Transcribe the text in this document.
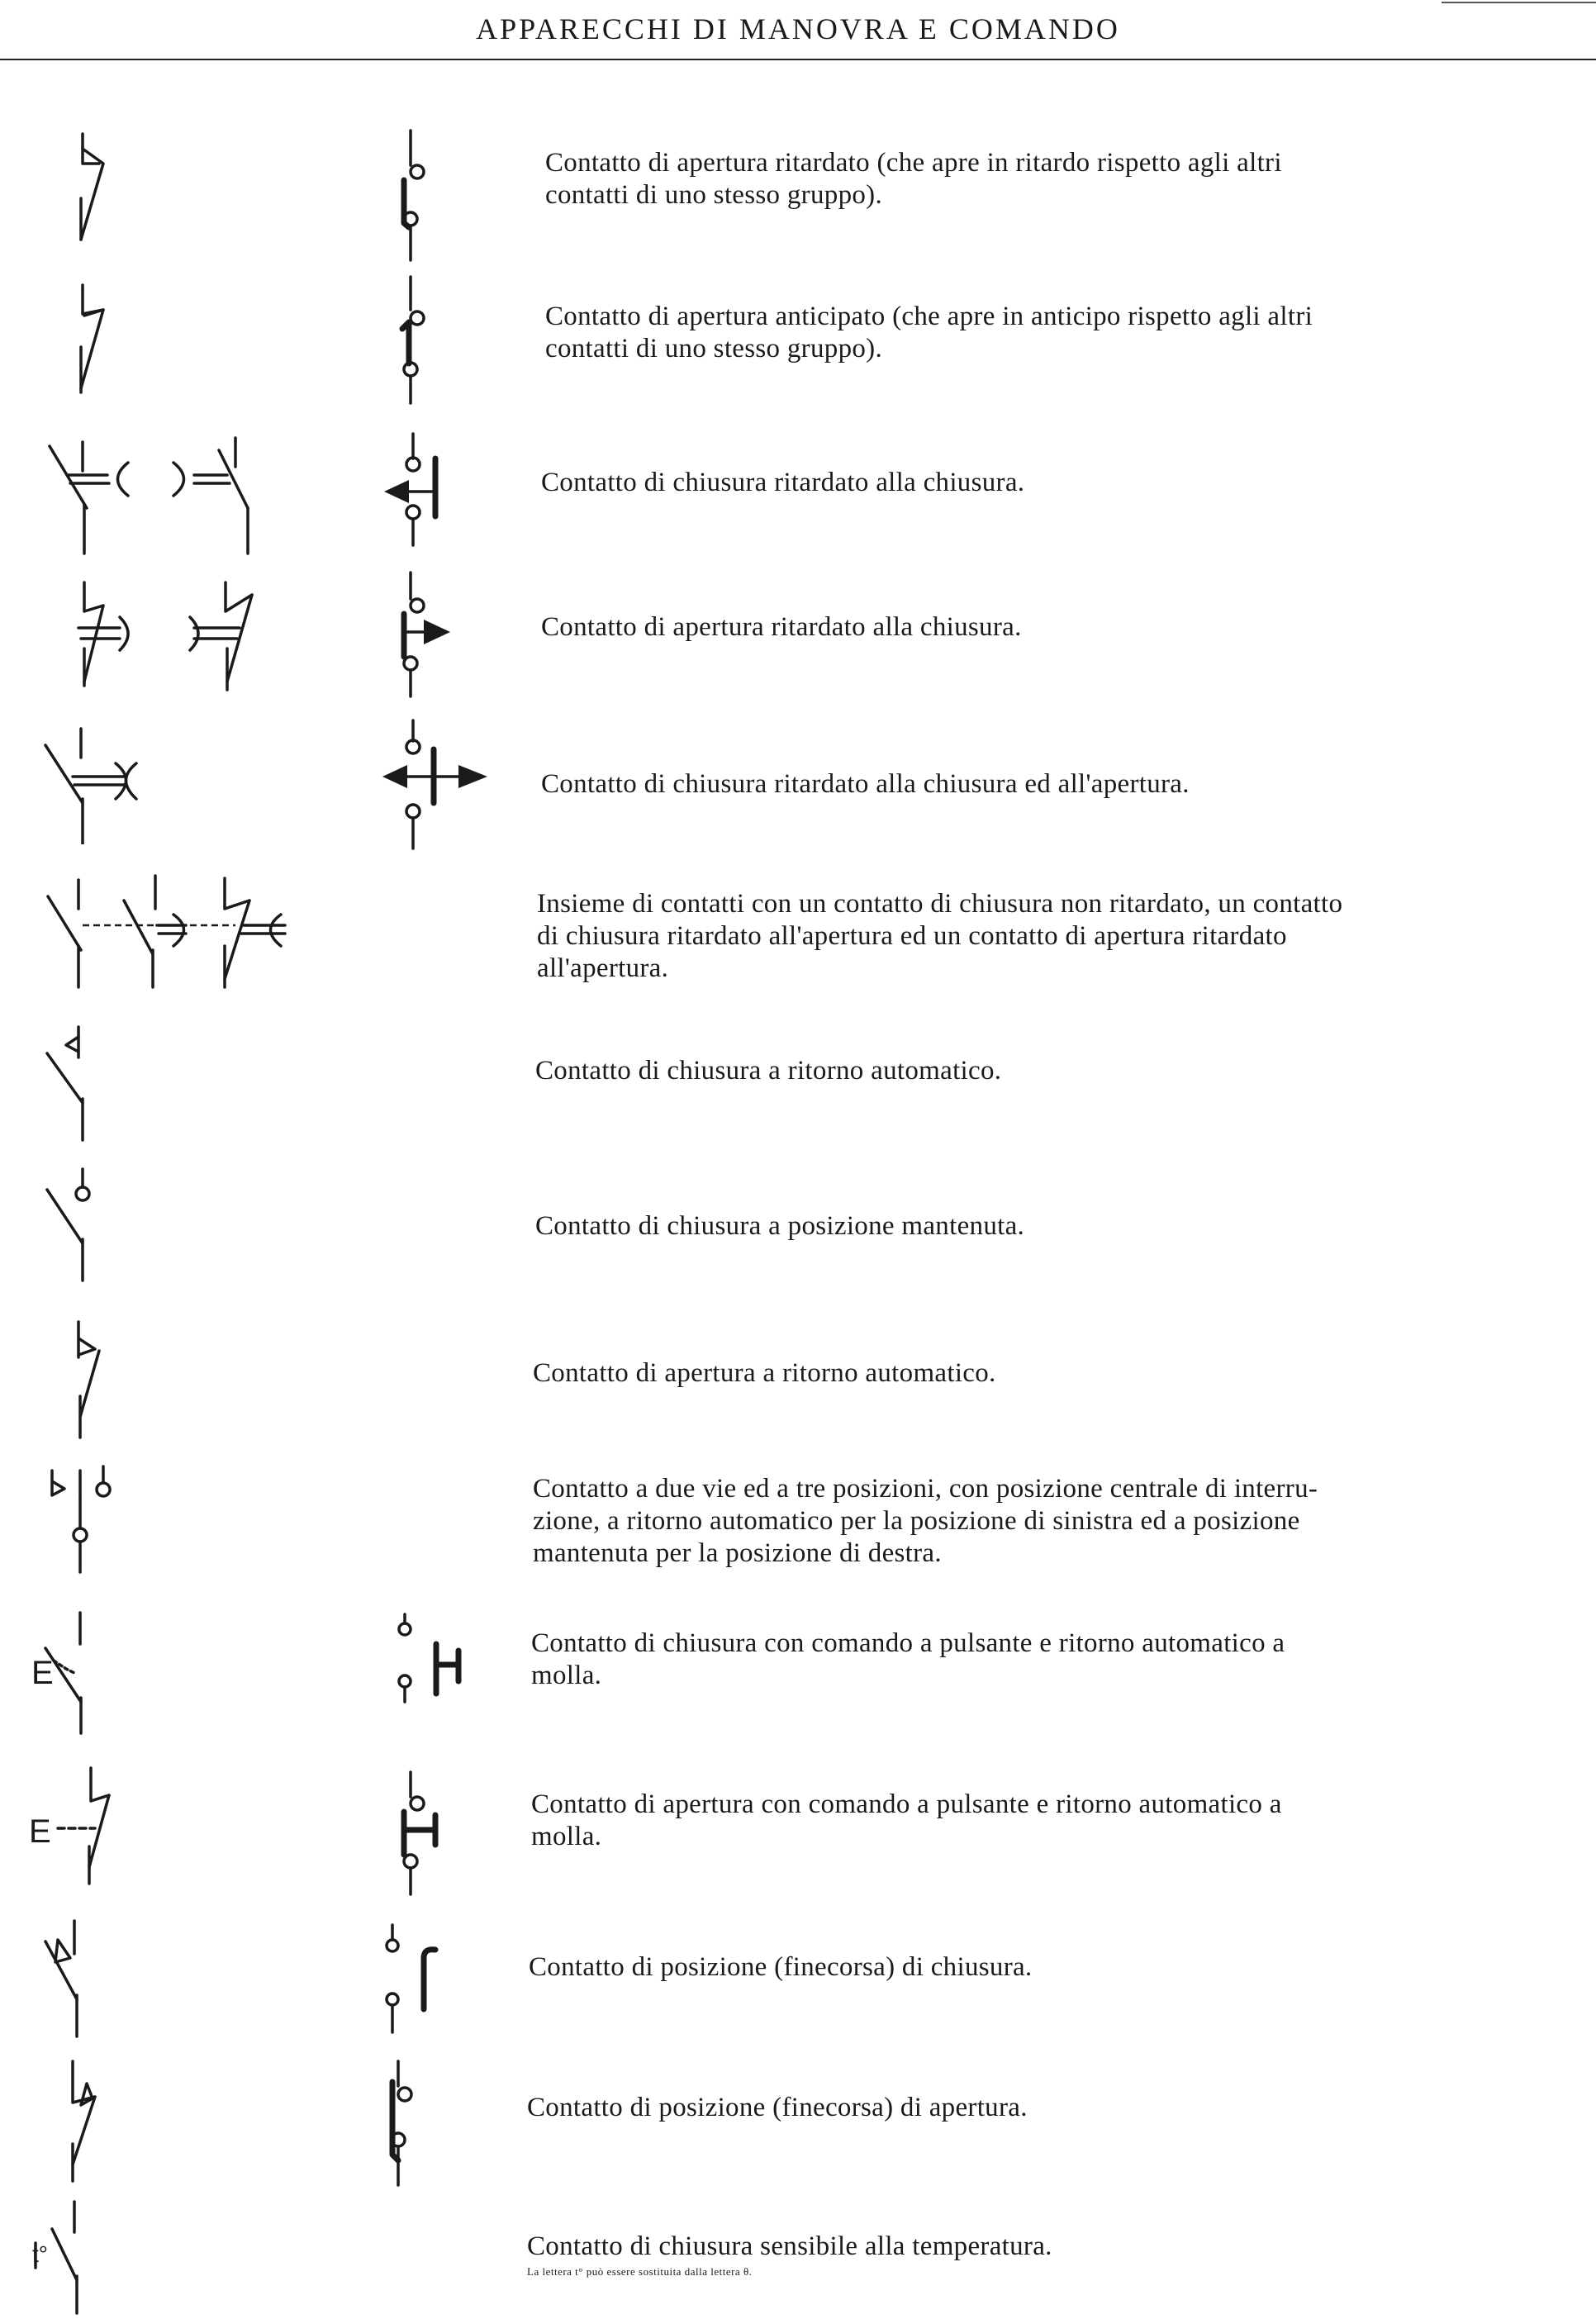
APPARECCHI DI MANOVRA E COMANDO
Contatto di apertura ritardato (che apre in ritardo rispetto agli altri
contatti di uno stesso gruppo).
Contatto di apertura anticipato (che apre in anticipo rispetto agli altri
contatti di uno stesso gruppo).
Contatto di chiusura ritardato alla chiusura.
Contatto di apertura ritardato alla chiusura.
Contatto di chiusura ritardato alla chiusura ed all'apertura.
Insieme di contatti con un contatto di chiusura non ritardato, un contatto
di chiusura ritardato all'apertura ed un contatto di apertura ritardato
all'apertura.
Contatto di chiusura a ritorno automatico.
Contatto di chiusura a posizione mantenuta.
Contatto di apertura a ritorno automatico.
Contatto a due vie ed a tre posizioni, con posizione centrale di interru-
zione, a ritorno automatico per la posizione di sinistra ed a posizione
mantenuta per la posizione di destra.
E
Contatto di chiusura con comando a pulsante e ritorno automatico a
molla.
E
Contatto di apertura con comando a pulsante e ritorno automatico a
molla.
Contatto di posizione (finecorsa) di chiusura.
Contatto di posizione (finecorsa) di apertura.
t°	Contatto di chiusura sensibile alla temperatura.
La lettera t° può essere sostituita dalla lettera θ.
